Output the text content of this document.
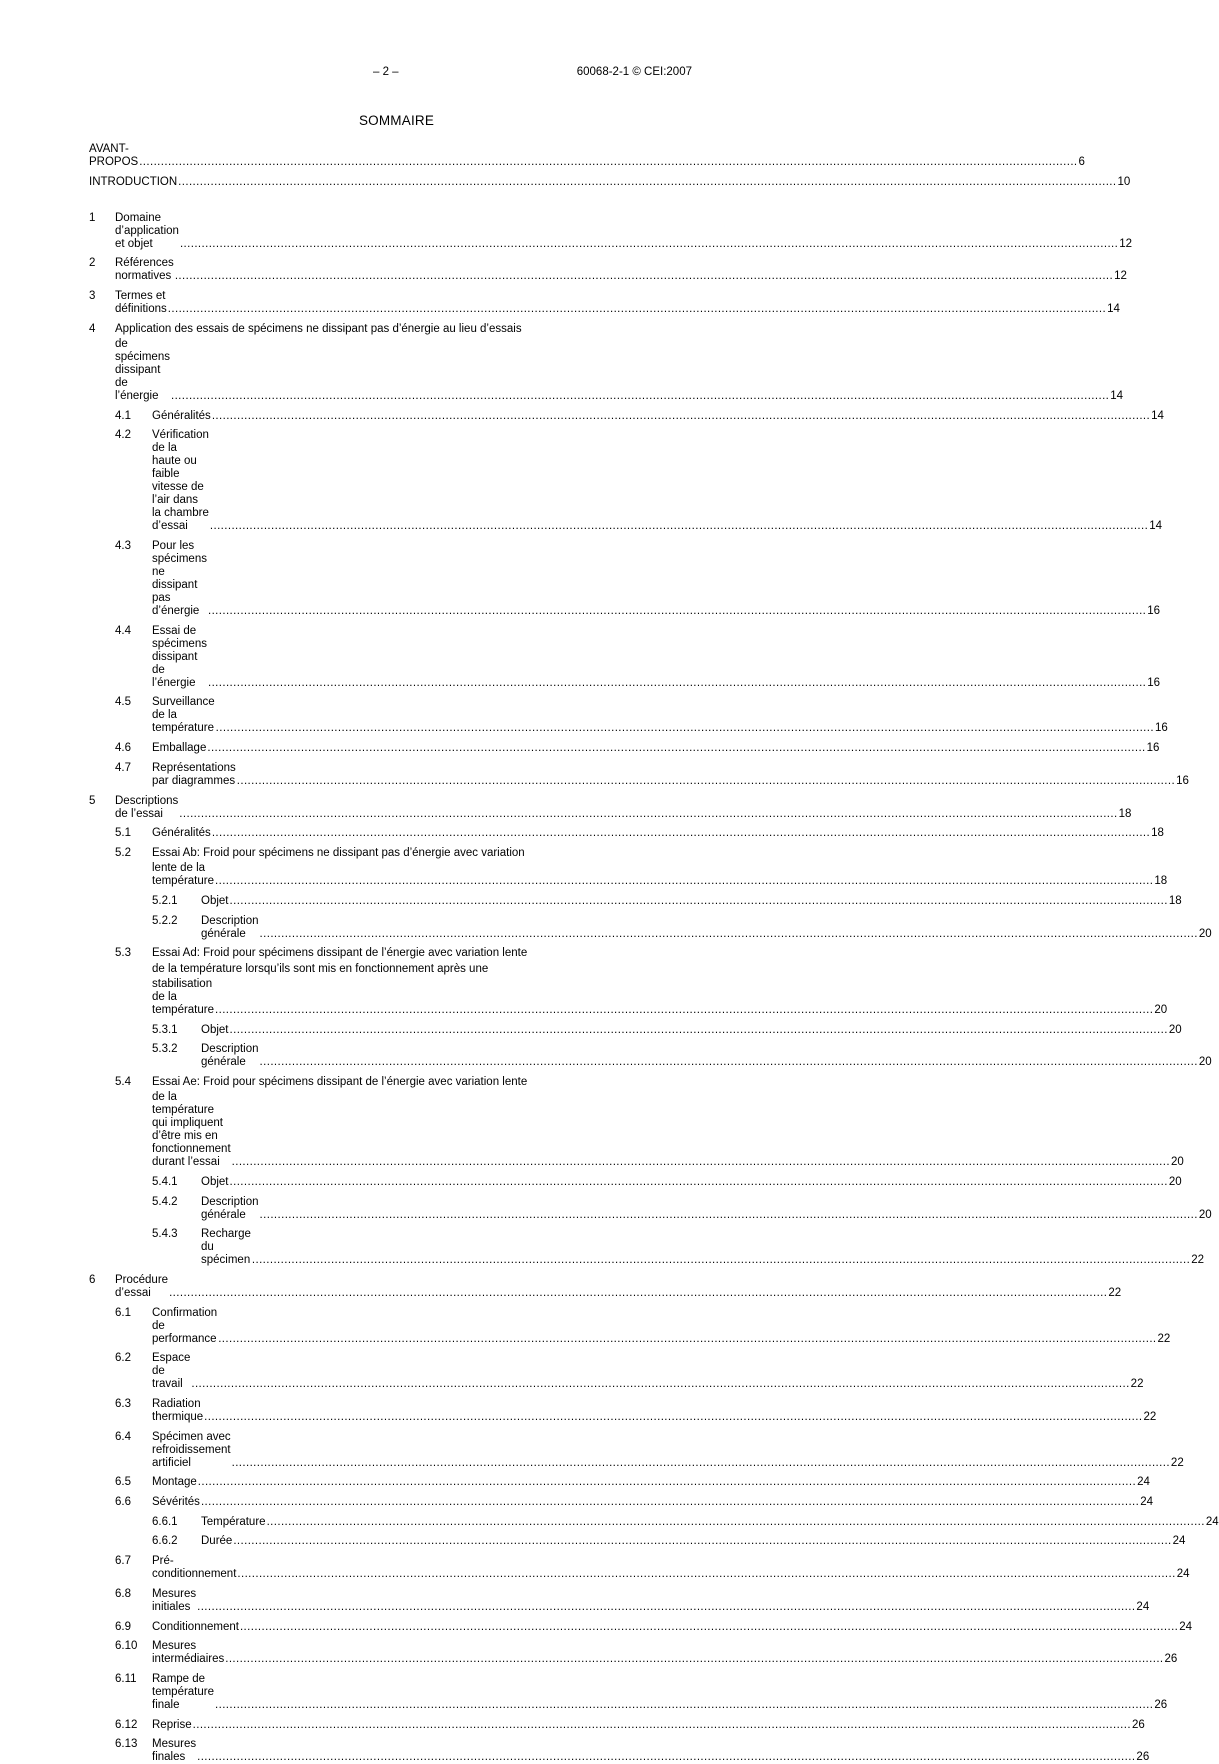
– 2 –	60068-2-1 © CEI:2007
SOMMAIRE
AVANT-PROPOS .....	6
INTRODUCTION .....	10
1 Domaine d’application et objet .....	12
2 Références normatives .....	12
3 Termes et définitions .....	14
4 Application des essais de spécimens ne dissipant pas d’énergie au lieu d’essais
de spécimens dissipant de l’énergie .....	14
4.1 Généralités .....	14
4.2 Vérification de la haute ou faible vitesse de l’air dans la chambre d’essai .....	14
4.3 Pour les spécimens ne dissipant pas d’énergie .....	16
4.4 Essai de spécimens dissipant de l’énergie .....	16
4.5 Surveillance de la température .....	16
4.6 Emballage .....	16
4.7 Représentations par diagrammes .....	16
5 Descriptions de l’essai .....	18
5.1 Généralités .....	18
5.2 Essai Ab: Froid pour spécimens ne dissipant pas d’énergie avec variation
lente de la température .....	18
5.2.1 Objet .....	18
5.2.2 Description générale .....	20
5.3 Essai Ad: Froid pour spécimens dissipant de l’énergie avec variation lente
de la température lorsqu’ils sont mis en fonctionnement après une
stabilisation de la température .....	20
5.3.1 Objet .....	20
5.3.2 Description générale .....	20
5.4 Essai Ae: Froid pour spécimens dissipant de l’énergie avec variation lente
de la température qui impliquent d’être mis en fonctionnement durant l’essai .....	20
5.4.1 Objet .....	20
5.4.2 Description générale .....	20
5.4.3 Recharge du spécimen .....	22
6 Procédure d’essai .....	22
6.1 Confirmation de performance .....	22
6.2 Espace de travail .....	22
6.3 Radiation thermique .....	22
6.4 Spécimen avec refroidissement artificiel .....	22
6.5 Montage .....	24
6.6 Sévérités .....	24
6.6.1 Température .....	24
6.6.2 Durée .....	24
6.7 Pré-conditionnement .....	24
6.8 Mesures initiales .....	24
6.9 Conditionnement .....	24
6.10 Mesures intermédiaires .....	26
6.11 Rampe de température finale .....	26
6.12 Reprise .....	26
6.13 Mesures finales .....	26
